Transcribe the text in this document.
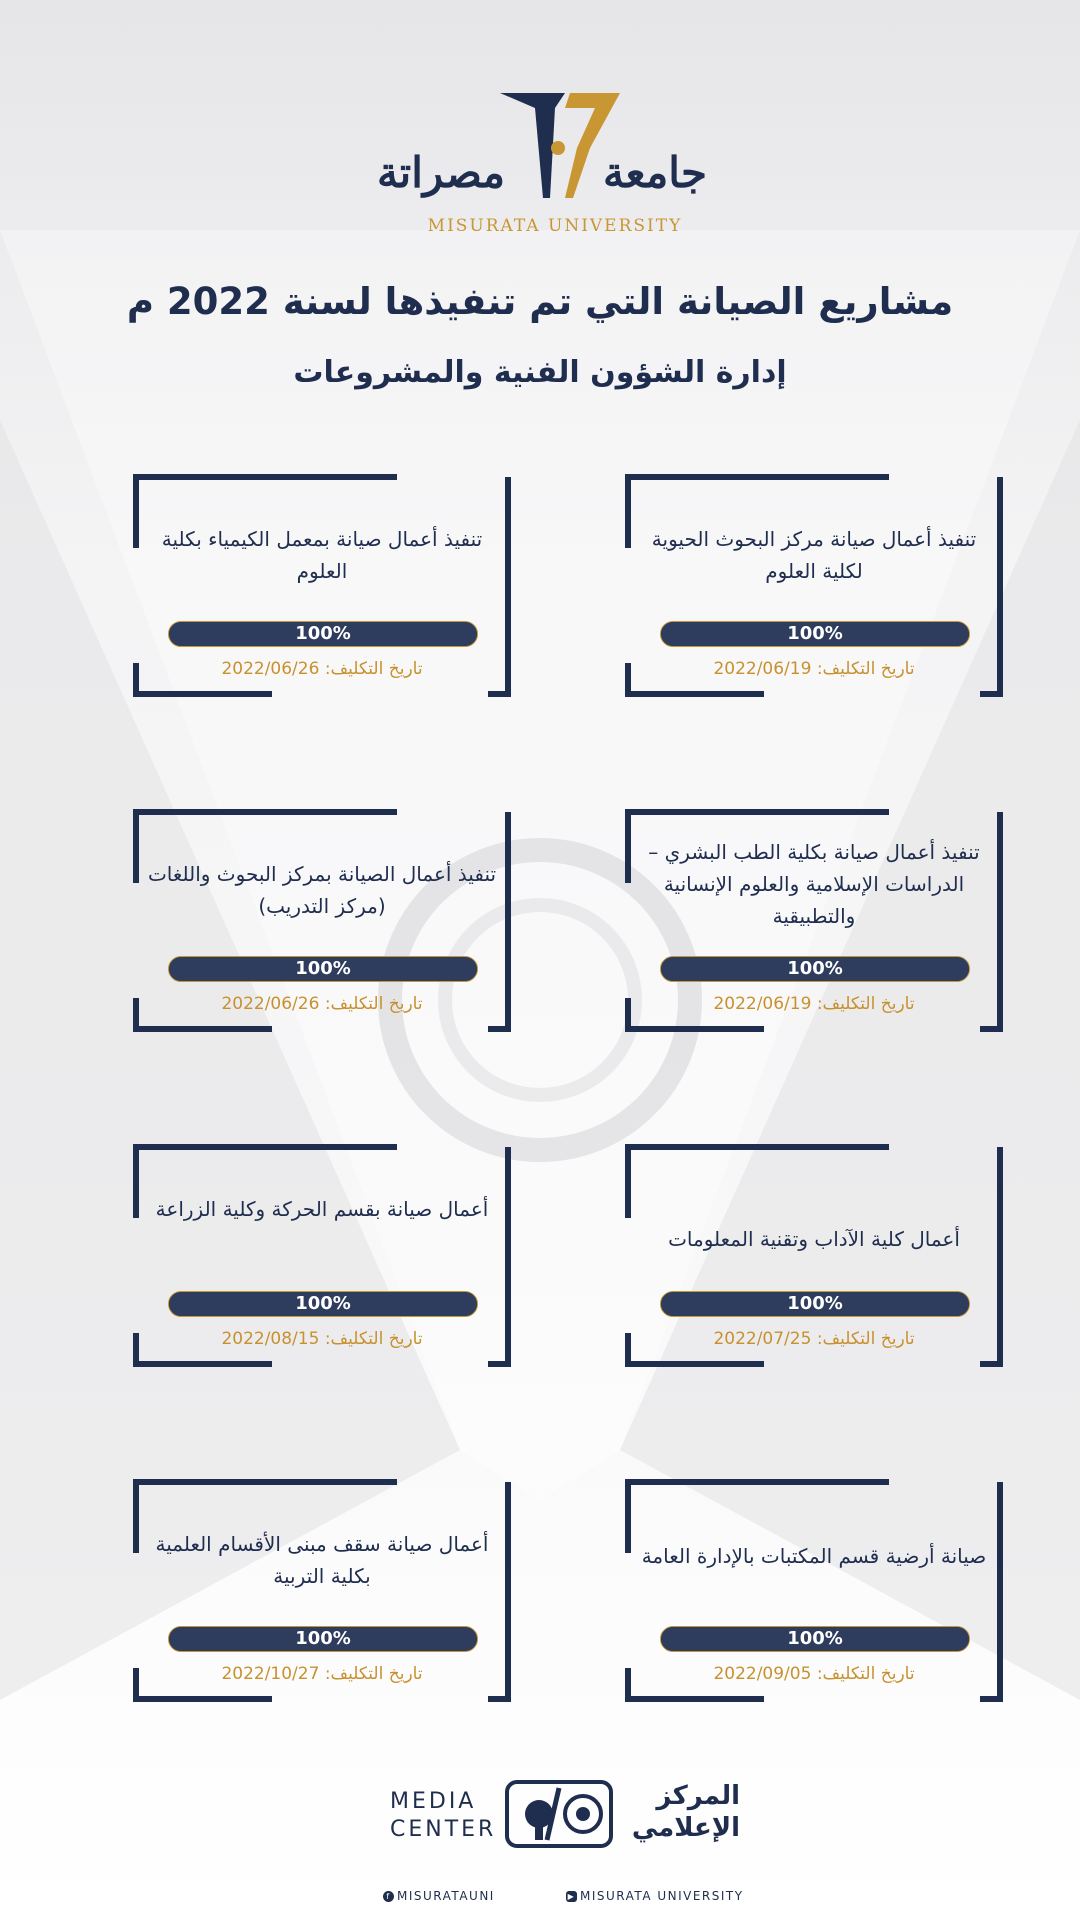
مصراتة جامعة
MISURATA UNIVERSITY
مشاريع الصيانة التي تم تنفيذها لسنة 2022 م
إدارة الشؤون الفنية والمشروعات
تنفيذ أعمال صيانة مركز البحوث الحيوية لكلية العلوم
100%
تاريخ التكليف: 2022/06/19
تنفيذ أعمال صيانة بمعمل الكيمياء بكلية العلوم
100%
تاريخ التكليف: 2022/06/26
تنفيذ أعمال صيانة بكلية الطب البشري –الدراسات الإسلامية والعلوم الإنسانية والتطبيقية
100%
تاريخ التكليف: 2022/06/19
تنفيذ أعمال الصيانة بمركز البحوث واللغات (مركز التدريب)
100%
تاريخ التكليف: 2022/06/26
أعمال كلية الآداب وتقنية المعلومات
100%
تاريخ التكليف: 2022/07/25
أعمال صيانة بقسم الحركة وكلية الزراعة
100%
تاريخ التكليف: 2022/08/15
صيانة أرضية قسم المكتبات بالإدارة العامة
100%
تاريخ التكليف: 2022/09/05
أعمال صيانة سقف مبنى الأقسام العلمية بكلية التربية
100%
تاريخ التكليف: 2022/10/27
MEDIA
CENTER
المركز
الإعلامي
f MISURATAUNI	▶ MISURATA UNIVERSITY
